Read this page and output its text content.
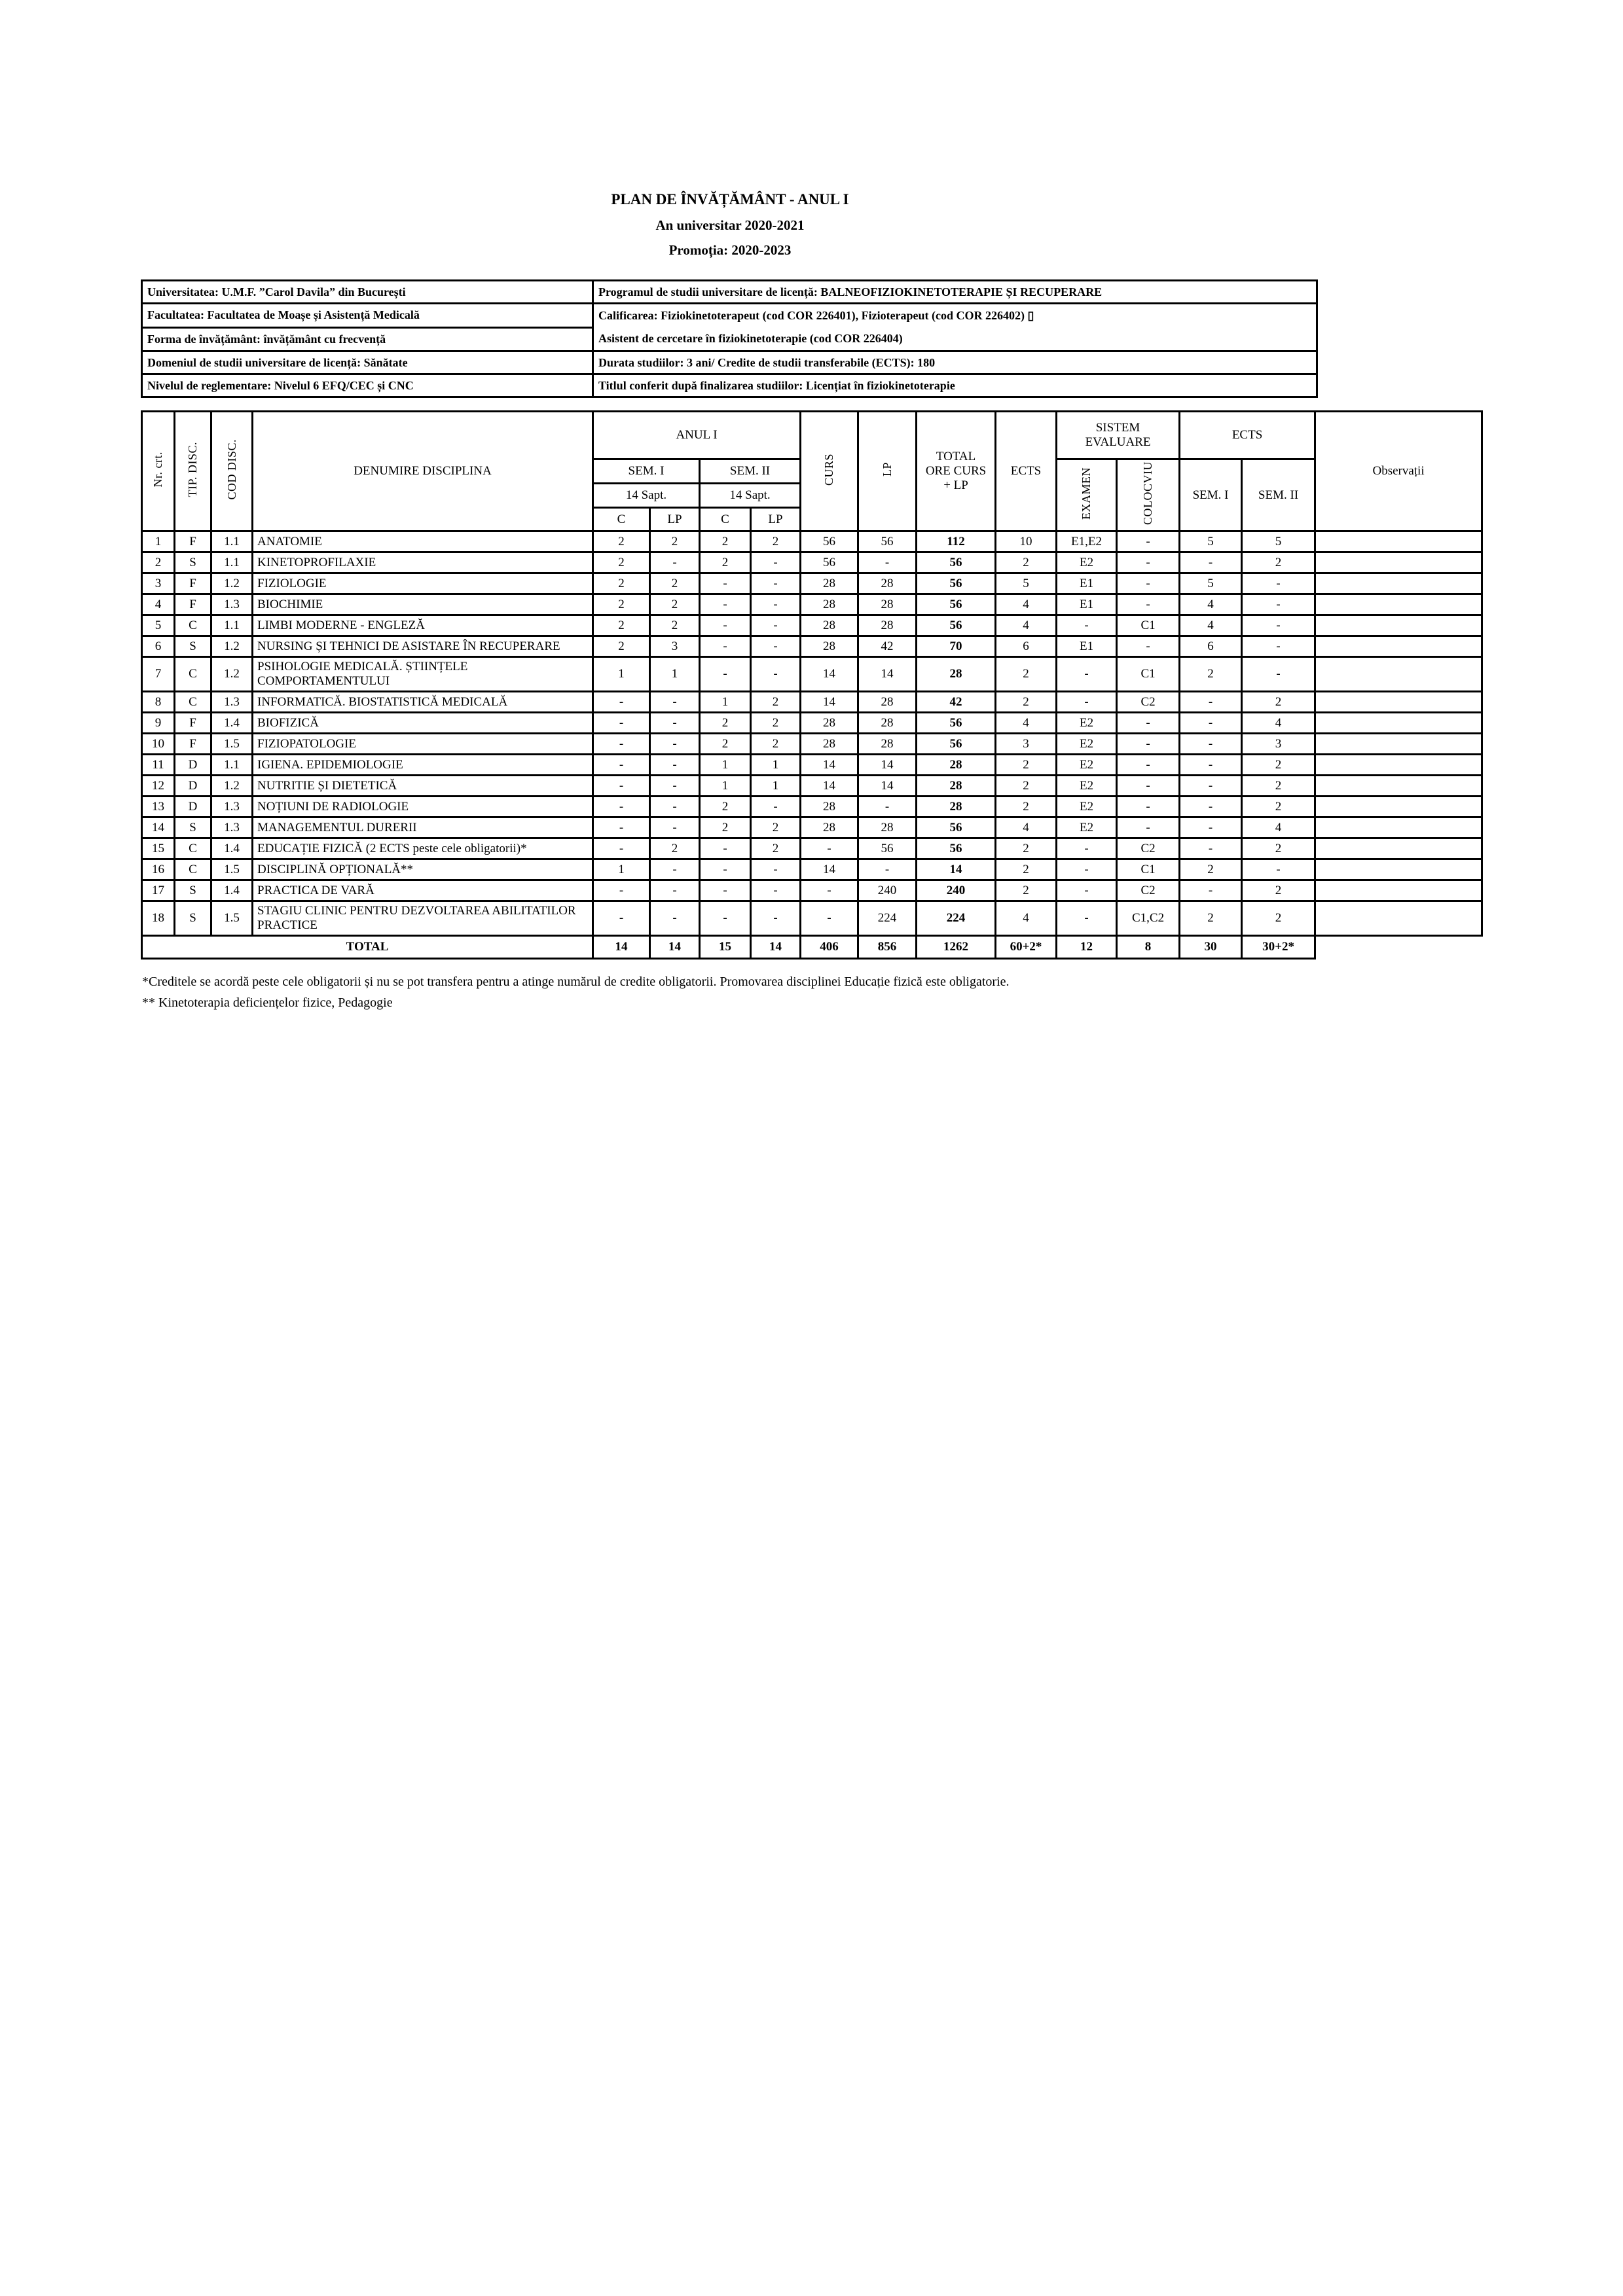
PLAN DE ÎNVĂȚĂMÂNT - ANUL I
An universitar 2020-2021
Promoția: 2020-2023
Universitatea: U.M.F. ”Carol Davila” din București	Programul de studii universitare de licență: BALNEOFIZIOKINETOTERAPIE ȘI RECUPERARE
Facultatea: Facultatea de Moașe și Asistență Medicală	Calificarea: Fiziokinetoterapeut (cod COR 226401), Fizioterapeut (cod COR 226402) ▯
Asistent de cercetare în fiziokinetoterapie (cod COR 226404)

Forma de învățământ: învățământ cu frecvență	
Domeniul de studii universitare de licență: Sănătate	Durata studiilor: 3 ani/ Credite de studii transferabile (ECTS): 180
Nivelul de reglementare: Nivelul 6 EFQ/CEC și CNC	Titlul conferit după finalizarea studiilor: Licențiat în fiziokinetoterapie
Nr. crt.	TIP. DISC.	COD DISC.	DENUMIRE DISCIPLINA	ANUL I				CURS	LP	TOTAL ORE CURS + LP	ECTS	SISTEM EVALUARE		ECTS		Observații
				SEM. I		SEM. II						EXAMEN	COLOCVIU	SEM. I	SEM. II	
				14 Sapt.		14 Sapt.										
				C	LP	C	LP									
1	F	1.1	ANATOMIE	2	2	2	2	56	56	112	10	E1,E2	-	5	5	
2	S	1.1	KINETOPROFILAXIE	2	-	2	-	56	-	56	2	E2	-	-	2	
3	F	1.2	FIZIOLOGIE	2	2	-	-	28	28	56	5	E1	-	5	-	
4	F	1.3	BIOCHIMIE	2	2	-	-	28	28	56	4	E1	-	4	-	
5	C	1.1	LIMBI MODERNE - ENGLEZĂ	2	2	-	-	28	28	56	4	-	C1	4	-	
6	S	1.2	NURSING ȘI TEHNICI DE ASISTARE ÎN RECUPERARE	2	3	-	-	28	42	70	6	E1	-	6	-	
7	C	1.2	PSIHOLOGIE MEDICALĂ. ȘTIINȚELE COMPORTAMENTULUI	1	1	-	-	14	14	28	2	-	C1	2	-	
8	C	1.3	INFORMATICĂ. BIOSTATISTICĂ MEDICALĂ	-	-	1	2	14	28	42	2	-	C2	-	2	
9	F	1.4	BIOFIZICĂ	-	-	2	2	28	28	56	4	E2	-	-	4	
10	F	1.5	FIZIOPATOLOGIE	-	-	2	2	28	28	56	3	E2	-	-	3	
11	D	1.1	IGIENA. EPIDEMIOLOGIE	-	-	1	1	14	14	28	2	E2	-	-	2	
12	D	1.2	NUTRITIE ȘI DIETETICĂ	-	-	1	1	14	14	28	2	E2	-	-	2	
13	D	1.3	NOȚIUNI DE RADIOLOGIE	-	-	2	-	28	-	28	2	E2	-	-	2	
14	S	1.3	MANAGEMENTUL DURERII	-	-	2	2	28	28	56	4	E2	-	-	4	
15	C	1.4	EDUCAȚIE FIZICĂ (2 ECTS peste cele obligatorii)*	-	2	-	2	-	56	56	2	-	C2	-	2	
16	C	1.5	DISCIPLINĂ OPȚIONALĂ**	1	-	-	-	14	-	14	2	-	C1	2	-	
17	S	1.4	PRACTICA DE VARĂ	-	-	-	-	-	240	240	2	-	C2	-	2	
18	S	1.5	STAGIU CLINIC PENTRU DEZVOLTAREA ABILITATILOR PRACTICE	-	-	-	-	-	224	224	4	-	C1,C2	2	2	
TOTAL				14	14	15	14	406	856	1262	60+2*	12	8	30	30+2*	
*Creditele se acordă peste cele obligatorii și nu se pot transfera pentru a atinge numărul de credite obligatorii. Promovarea disciplinei Educație fizică este obligatorie.
** Kinetoterapia deficiențelor fizice, Pedagogie
